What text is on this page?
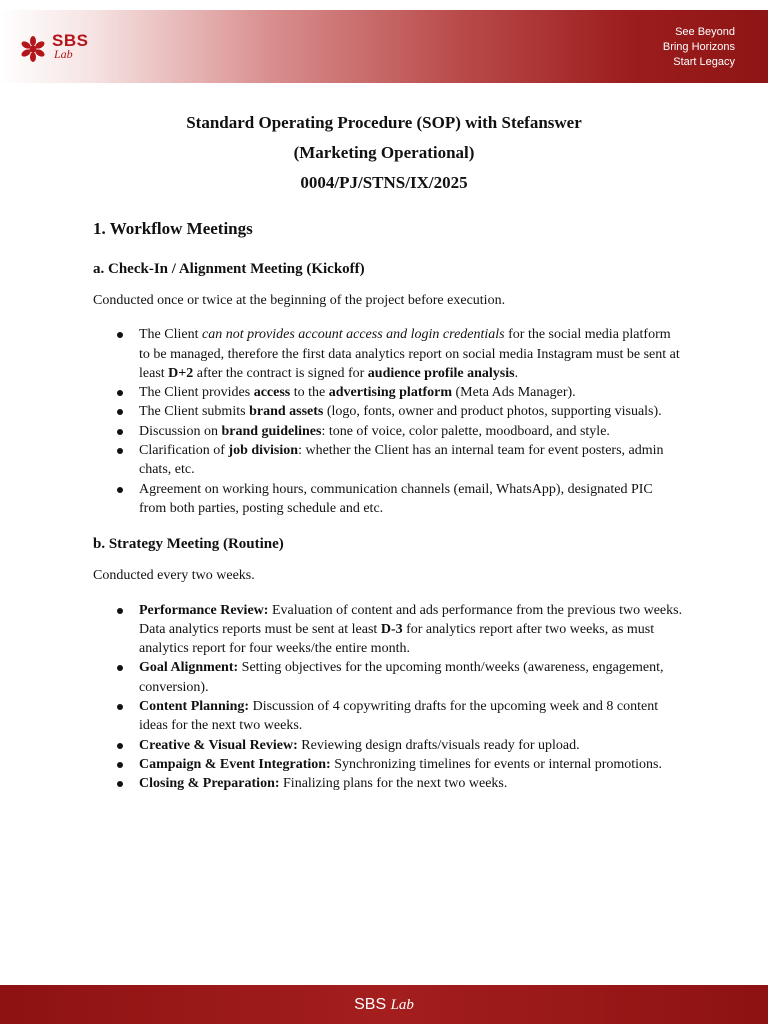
SBS
Lab
See Beyond
Bring Horizons
Start Legacy
Standard Operating Procedure (SOP) with Stefanswer
(Marketing Operational)
0004/PJ/STNS/IX/2025
1. Workflow Meetings
a. Check-In / Alignment Meeting (Kickoff)

Conducted once or twice at the beginning of the project before execution.

The Client can not provides account access and login credentials for the social media platform to be managed, therefore the first data analytics report on social media Instagram must be sent at least D+2 after the contract is signed for audience profile analysis.
The Client provides access to the advertising platform (Meta Ads Manager).
The Client submits brand assets (logo, fonts, owner and product photos, supporting visuals).
Discussion on brand guidelines: tone of voice, color palette, moodboard, and style.
Clarification of job division: whether the Client has an internal team for event posters, admin chats, etc.
Agreement on working hours, communication channels (email, WhatsApp), designated PIC from both parties, posting schedule and etc.
b. Strategy Meeting (Routine)

Conducted every two weeks.

Performance Review: Evaluation of content and ads performance from the previous two weeks. Data analytics reports must be sent at least D-3 for analytics report after two weeks, as must analytics report for four weeks/the entire month.
Goal Alignment: Setting objectives for the upcoming month/weeks (awareness, engagement, conversion).
Content Planning: Discussion of 4 copywriting drafts for the upcoming week and 8 content ideas for the next two weeks.
Creative & Visual Review: Reviewing design drafts/visuals ready for upload.
Campaign & Event Integration: Synchronizing timelines for events or internal promotions.
Closing & Preparation: Finalizing plans for the next two weeks.
SBS Lab
